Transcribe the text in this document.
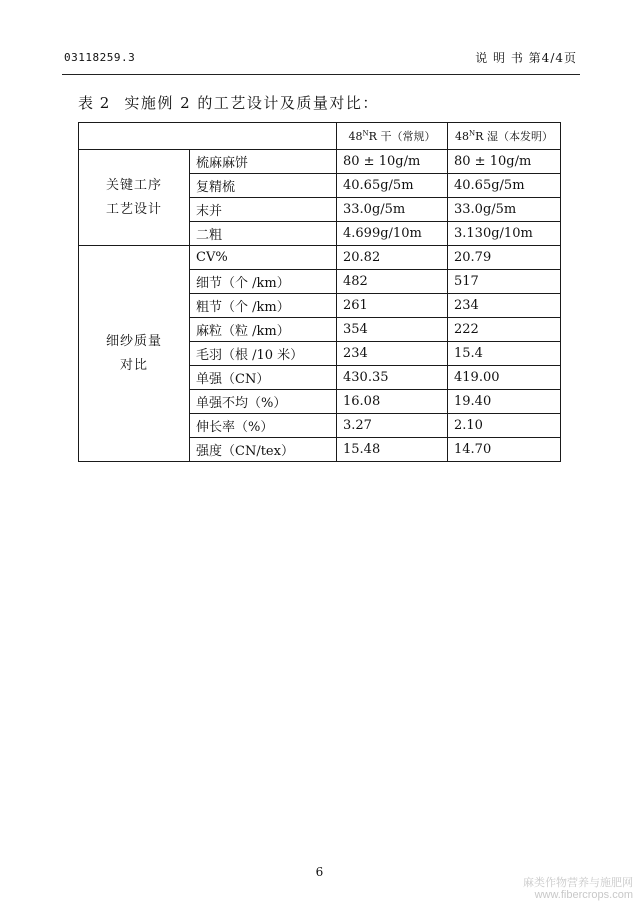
03118259.3	说 明 书 第4/4页
表 2 实施例 2 的工艺设计及质量对比：
		$48^NR$ 干（常规）	$48^NR$ 湿（本发明）
关键工序
工艺设计	梳麻麻饼	80 ± 10g/m	80 ± 10g/m
	复精梳	40.65g/5m	40.65g/5m
	末并	33.0g/5m	33.0g/5m
	二粗	4.699g/10m	3.130g/10m
细纱质量
对比	CV%	20.82	20.79
	细节（个 /km）	482	517
	粗节（个 /km）	261	234
	麻粒（粒 /km）	354	222
	毛羽（根 /10 米）	234	15.4
	单强（CN）	430.35	419.00
	单强不均（%）	16.08	19.40
	伸长率（%）	3.27	2.10
	强度（CN/tex）	15.48	14.70
6
麻类作物营养与施肥网
www.fibercrops.com
